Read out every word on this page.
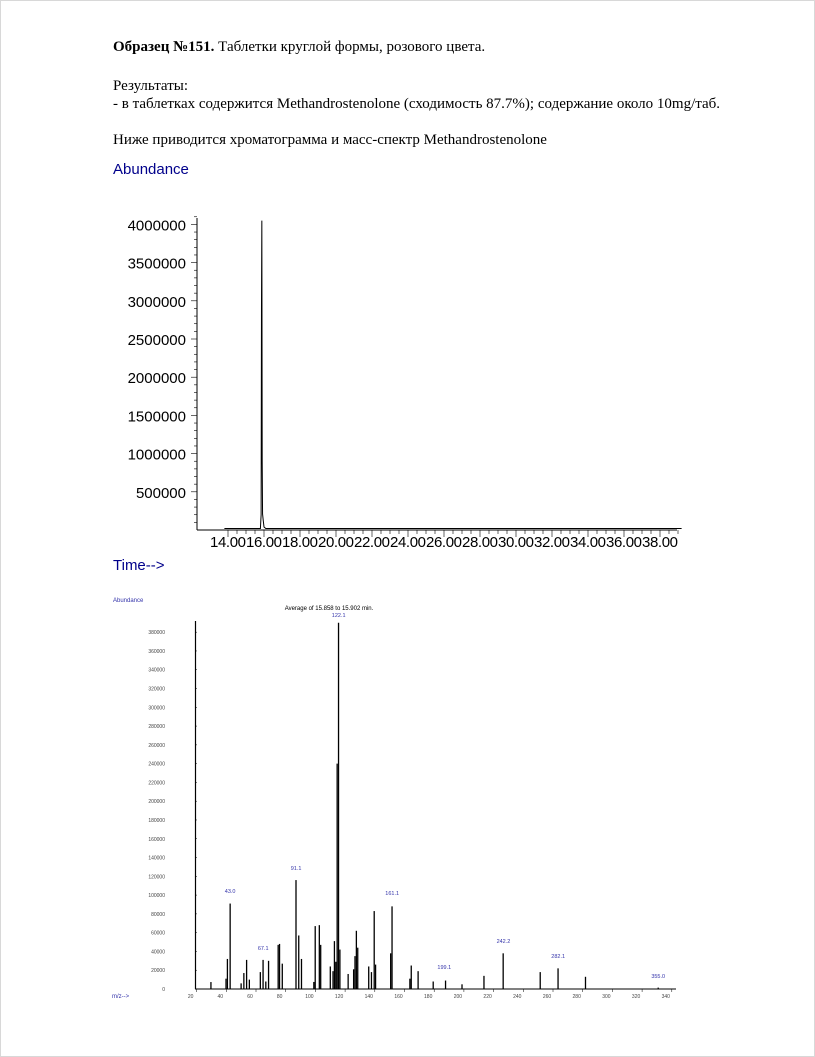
Образец №151. Таблетки круглой формы, розового цвета.
Результаты:
- в таблетках содержится Methandrostenolone (сходимость 87.7%); содержание около 10mg/таб.
Ниже приводится хроматограмма и масс-спектр Methandrostenolone
Abundance
Time-->
500000
1000000
1500000
2000000
2500000
3000000
3500000
4000000
14.00 16.00 18.00 20.00 22.00 24.00 26.00 28.00 30.00 32.00 34.00 36.00 38.00
Abundance
Average of 15.858 to 15.902 min.
m/z-->
0
20000
40000
60000
80000
100000
120000
140000
160000
180000
200000
220000
240000
260000
280000
300000
320000
340000
360000
380000
20	40	60	80	100	120	140	160	180	200	220	240	260	280	300	320	340
43.0
67.1
91.1
122.1
161.1
199.1
242.2
282.1
355.0
